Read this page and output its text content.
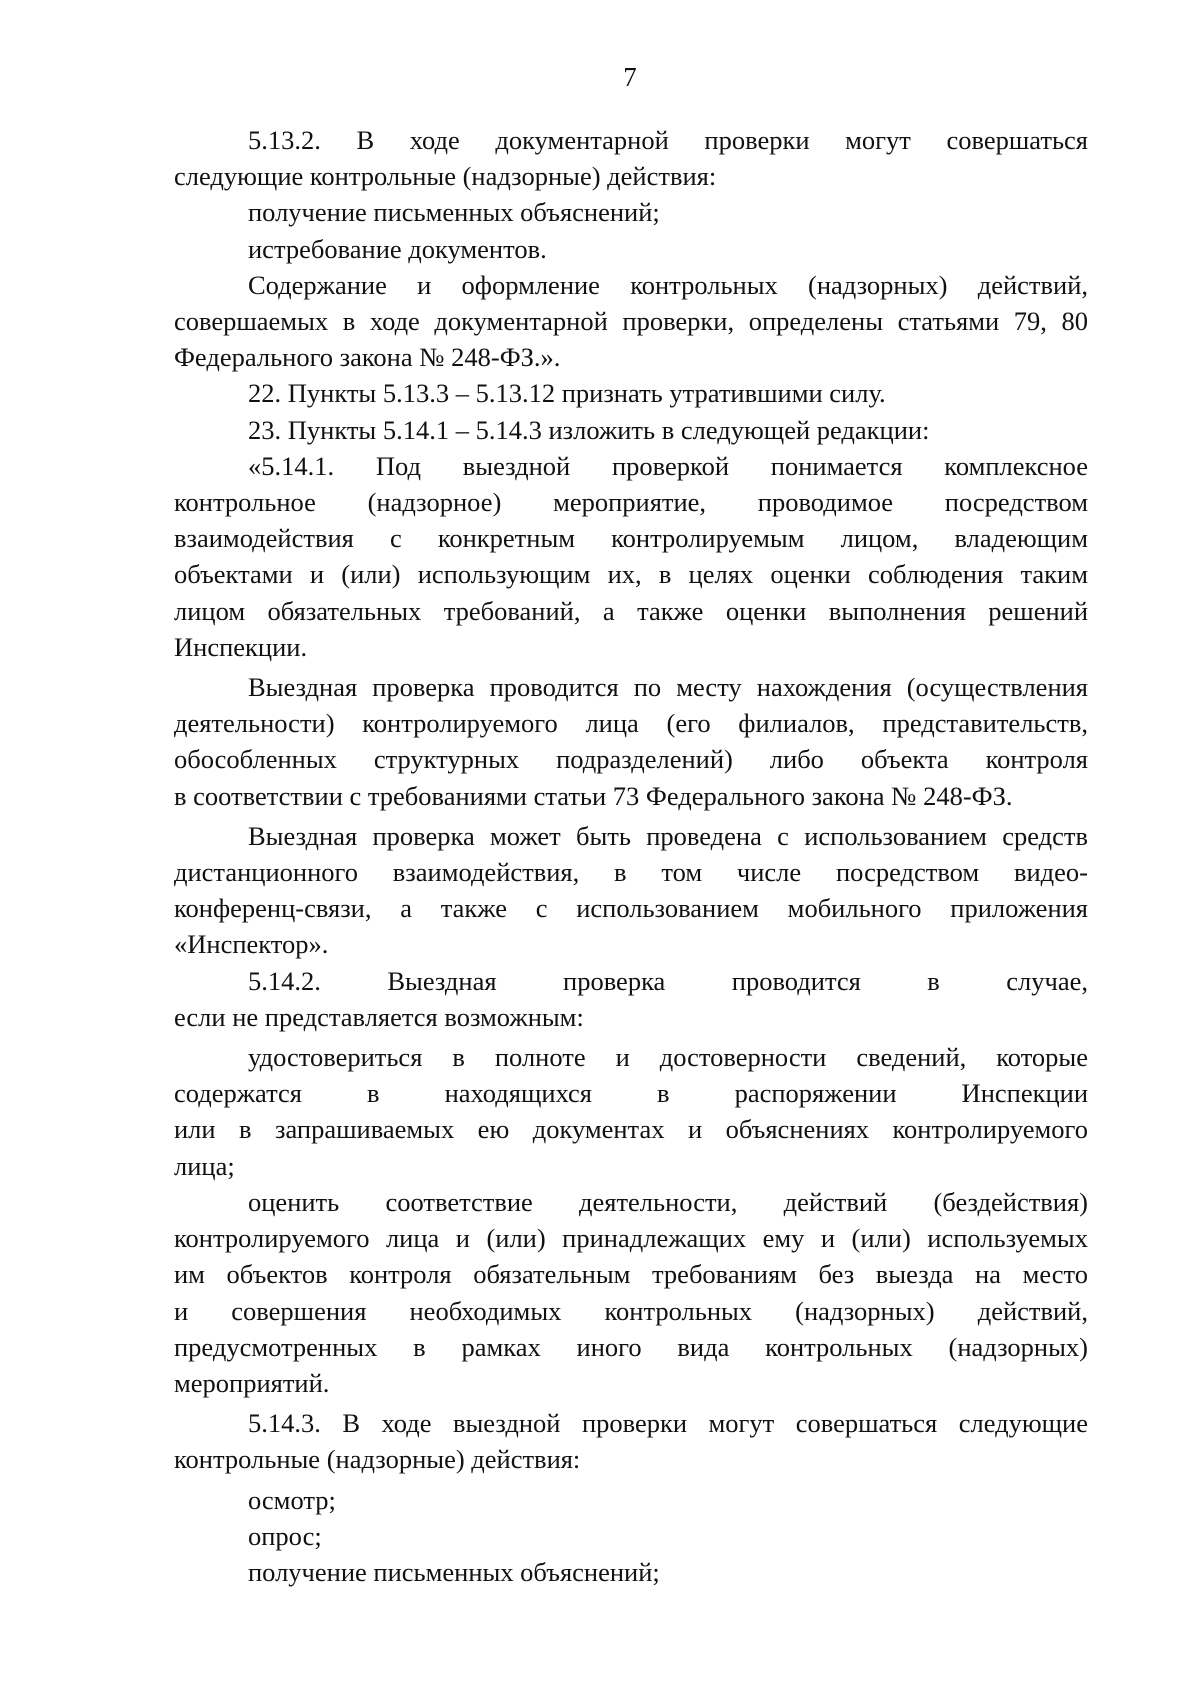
7
5.13.2. В ходе документарной проверки могут совершаться
следующие контрольные (надзорные) действия:
получение письменных объяснений;
истребование документов.
Содержание и оформление контрольных (надзорных) действий,
совершаемых в ходе документарной проверки, определены статьями 79, 80
Федерального закона № 248-ФЗ.».
22. Пункты 5.13.3 – 5.13.12 признать утратившими силу.
23. Пункты 5.14.1 – 5.14.3 изложить в следующей редакции:
«5.14.1. Под выездной проверкой понимается комплексное
контрольное (надзорное) мероприятие, проводимое посредством
взаимодействия с конкретным контролируемым лицом, владеющим
объектами и (или) использующим их, в целях оценки соблюдения таким
лицом обязательных требований, а также оценки выполнения решений
Инспекции.
Выездная проверка проводится по месту нахождения (осуществления
деятельности) контролируемого лица (его филиалов, представительств,
обособленных структурных подразделений) либо объекта контроля
в соответствии с требованиями статьи 73 Федерального закона № 248-ФЗ.
Выездная проверка может быть проведена с использованием средств
дистанционного взаимодействия, в том числе посредством видео-
конференц-связи, а также с использованием мобильного приложения
«Инспектор».
5.14.2. Выездная проверка проводится в случае,
если не представляется возможным:
удостовериться в полноте и достоверности сведений, которые
содержатся в находящихся в распоряжении Инспекции
или в запрашиваемых ею документах и объяснениях контролируемого
лица;
оценить соответствие деятельности, действий (бездействия)
контролируемого лица и (или) принадлежащих ему и (или) используемых
им объектов контроля обязательным требованиям без выезда на место
и совершения необходимых контрольных (надзорных) действий,
предусмотренных в рамках иного вида контрольных (надзорных)
мероприятий.
5.14.3. В ходе выездной проверки могут совершаться следующие
контрольные (надзорные) действия:
осмотр;
опрос;
получение письменных объяснений;
